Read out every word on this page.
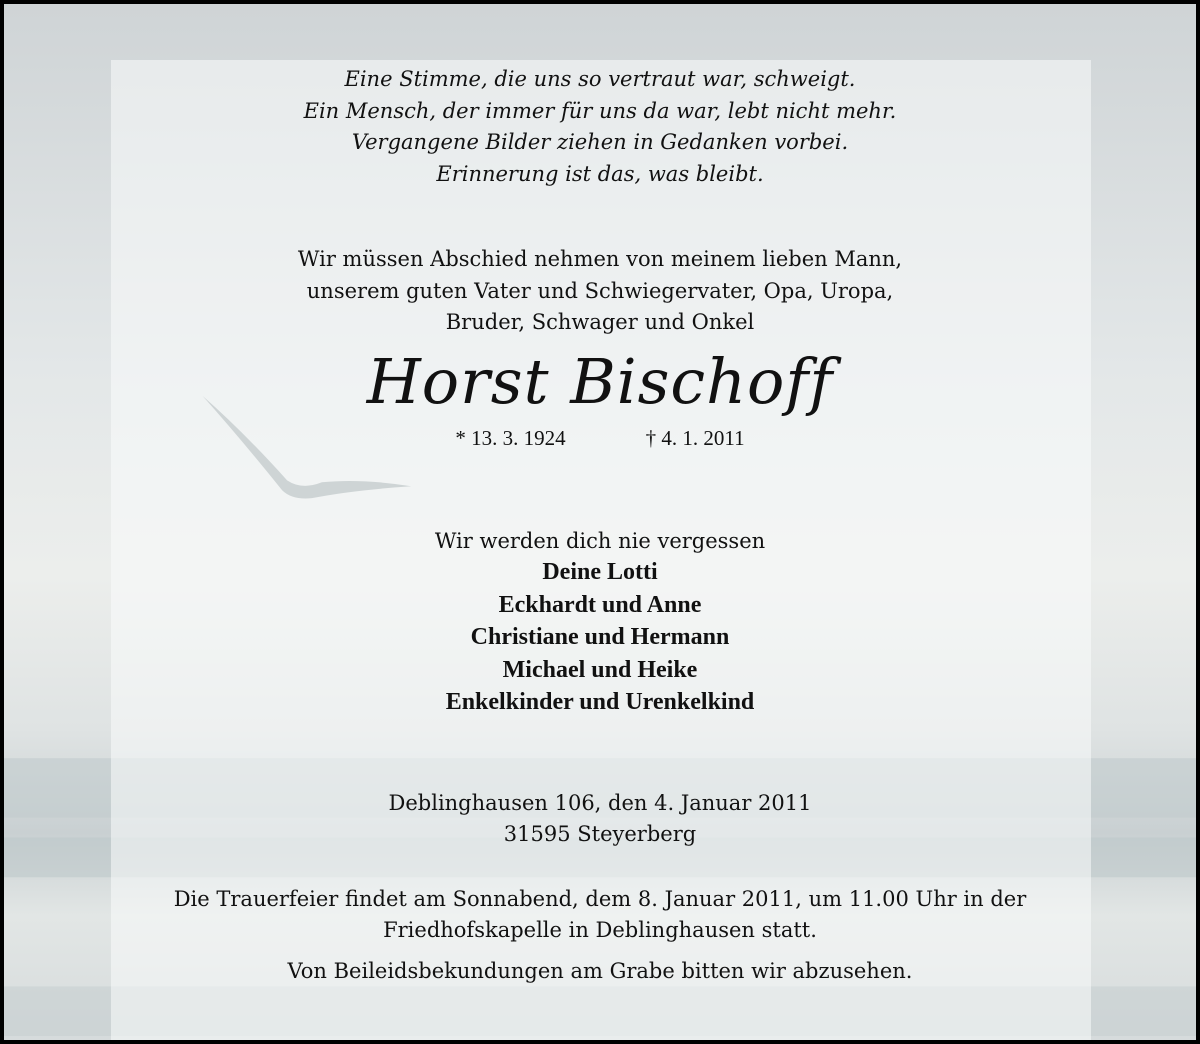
Eine Stimme, die uns so vertraut war, schweigt.
Ein Mensch, der immer für uns da war, lebt nicht mehr.
Vergangene Bilder ziehen in Gedanken vorbei.
Erinnerung ist das, was bleibt.
Wir müssen Abschied nehmen von meinem lieben Mann,
unserem guten Vater und Schwiegervater, Opa, Uropa,
Bruder, Schwager und Onkel
Horst Bischoff
* 13. 3. 1924	† 4. 1. 2011
Wir werden dich nie vergessen
Deine Lotti
Eckhardt und Anne
Christiane und Hermann
Michael und Heike
Enkelkinder und Urenkelkind
Deblinghausen 106, den 4. Januar 2011
31595 Steyerberg
Die Trauerfeier findet am Sonnabend, dem 8. Januar 2011, um 11.00 Uhr in der
Friedhofskapelle in Deblinghausen statt.
Von Beileidsbekundungen am Grabe bitten wir abzusehen.
